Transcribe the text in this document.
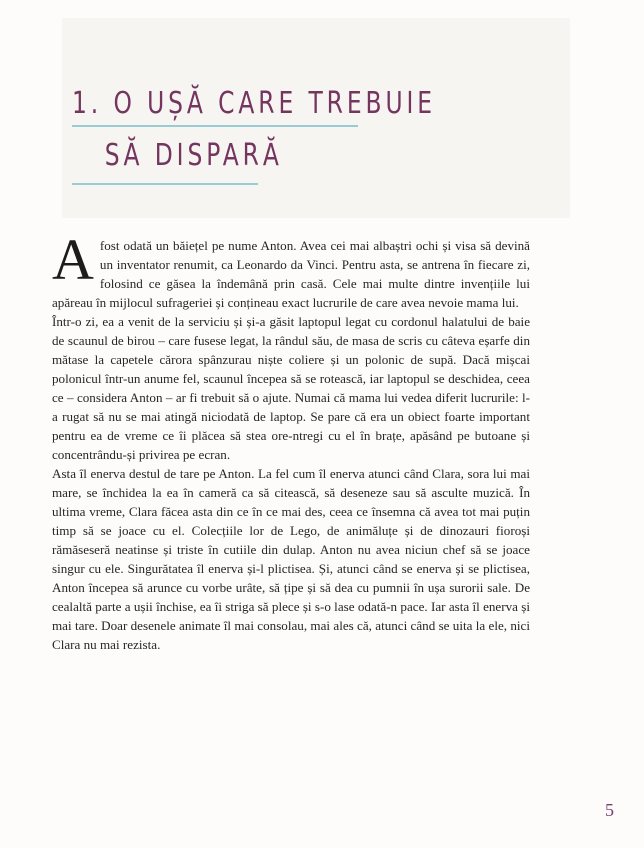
1. O UȘĂ CARE TREBUIE
SĂ DISPARĂ
A fost odată un băiețel pe nume Anton. Avea cei mai albaștri ochi și visa să devină un inventator renumit, ca Leonardo da Vinci. Pentru asta, se antrena în fiecare zi, folosind ce găsea la îndemână prin casă. Cele mai multe dintre invențiile lui apăreau în mijlocul sufrageriei și conțineau exact lucrurile de care avea nevoie mama lui.

Într-o zi, ea a venit de la serviciu și și-a găsit laptopul legat cu cordonul halatului de baie de scaunul de birou – care fusese legat, la rândul său, de masa de scris cu câteva eșarfe din mătase la capetele cărora spânzurau niște coliere și un polonic de supă. Dacă mișcai polonicul într-un anume fel, scaunul începea să se rotească, iar laptopul se deschidea, ceea ce – considera Anton – ar fi trebuit să o ajute. Numai că mama lui vedea diferit lucrurile: l-a rugat să nu se mai atingă niciodată de laptop. Se pare că era un obiect foarte important pentru ea de vreme ce îi plăcea să stea ore-ntregi cu el în brațe, apăsând pe butoane și concentrându-și privirea pe ecran.

Asta îl enerva destul de tare pe Anton. La fel cum îl enerva atunci când Clara, sora lui mai mare, se închidea la ea în cameră ca să citească, să deseneze sau să asculte muzică. În ultima vreme, Clara făcea asta din ce în ce mai des, ceea ce însemna că avea tot mai puțin timp să se joace cu el. Colecțiile lor de Lego, de animăluțe și de dinozauri fioroși rămăseseră neatinse și triste în cutiile din dulap. Anton nu avea niciun chef să se joace singur cu ele. Singurătatea îl enerva și-l plictisea. Și, atunci când se enerva și se plictisea, Anton începea să arunce cu vorbe urâte, să țipe și să dea cu pumnii în ușa surorii sale. De cealaltă parte a ușii închise, ea îi striga să plece și s-o lase odată-n pace. Iar asta îl enerva și mai tare. Doar desenele animate îl mai consolau, mai ales că, atunci când se uita la ele, nici Clara nu mai rezista.

5
